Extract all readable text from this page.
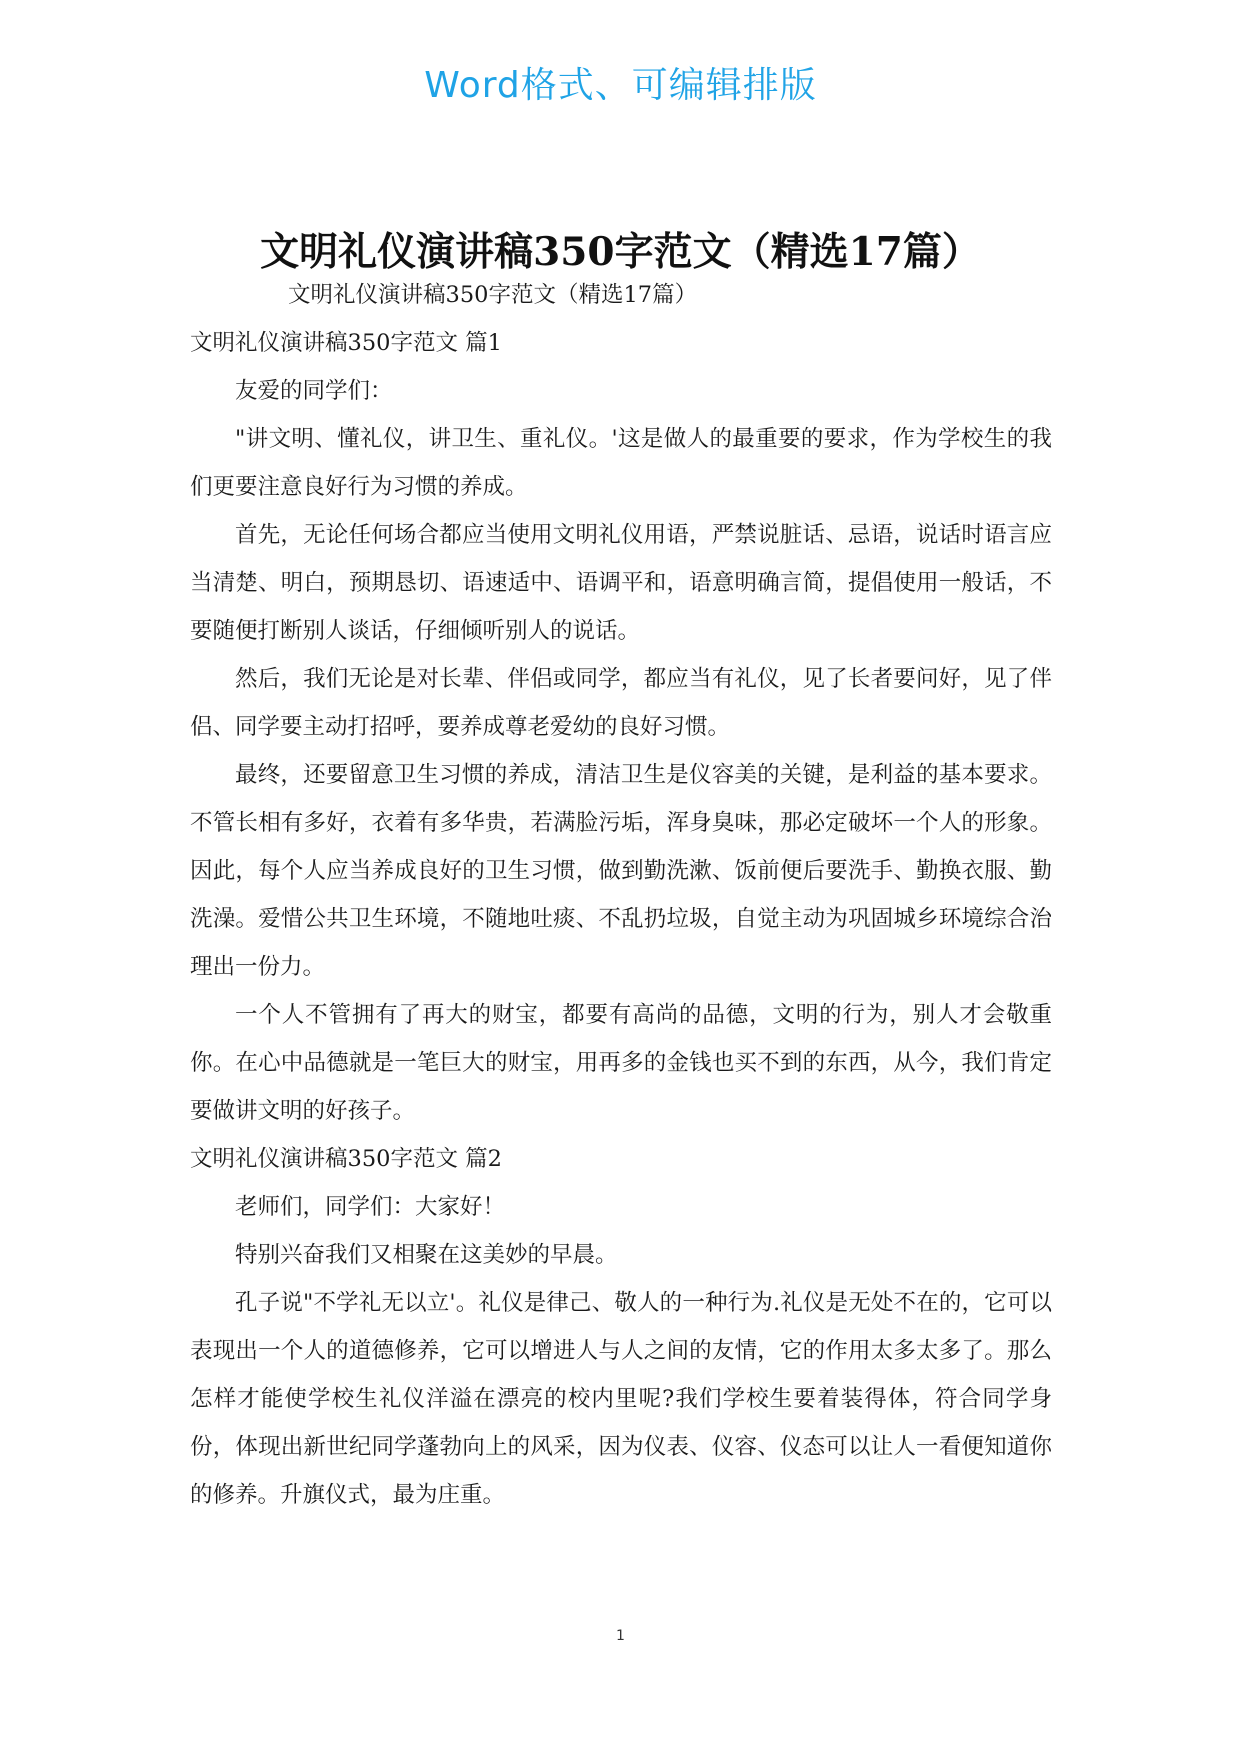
Word格式、可编辑排版
文明礼仪演讲稿350字范文（精选17篇）

文明礼仪演讲稿350字范文（精选17篇）

文明礼仪演讲稿350字范文 篇1

友爱的同学们：

"讲文明、懂礼仪，讲卫生、重礼仪。'这是做人的最重要的要求，作为学校生的我们更要注意良好行为习惯的养成。

首先，无论任何场合都应当使用文明礼仪用语，严禁说脏话、忌语，说话时语言应当清楚、明白，预期恳切、语速适中、语调平和，语意明确言简，提倡使用一般话，不要随便打断别人谈话，仔细倾听别人的说话。

然后，我们无论是对长辈、伴侣或同学，都应当有礼仪，见了长者要问好，见了伴侣、同学要主动打招呼，要养成尊老爱幼的良好习惯。

最终，还要留意卫生习惯的养成，清洁卫生是仪容美的关键，是利益的基本要求。不管长相有多好，衣着有多华贵，若满脸污垢，浑身臭味，那必定破坏一个人的形象。因此，每个人应当养成良好的卫生习惯，做到勤洗漱、饭前便后要洗手、勤换衣服、勤洗澡。爱惜公共卫生环境，不随地吐痰、不乱扔垃圾，自觉主动为巩固城乡环境综合治理出一份力。

一个人不管拥有了再大的财宝，都要有高尚的品德，文明的行为，别人才会敬重你。在心中品德就是一笔巨大的财宝，用再多的金钱也买不到的东西，从今，我们肯定要做讲文明的好孩子。

文明礼仪演讲稿350字范文 篇2

老师们，同学们：大家好！

特别兴奋我们又相聚在这美妙的早晨。

孔子说"不学礼无以立'。礼仪是律己、敬人的一种行为.礼仪是无处不在的，它可以表现出一个人的道德修养，它可以增进人与人之间的友情，它的作用太多太多了。那么怎样才能使学校生礼仪洋溢在漂亮的校内里呢?我们学校生要着装得体，符合同学身份，体现出新世纪同学蓬勃向上的风采，因为仪表、仪容、仪态可以让人一看便知道你的修养。升旗仪式，最为庄重。

1
